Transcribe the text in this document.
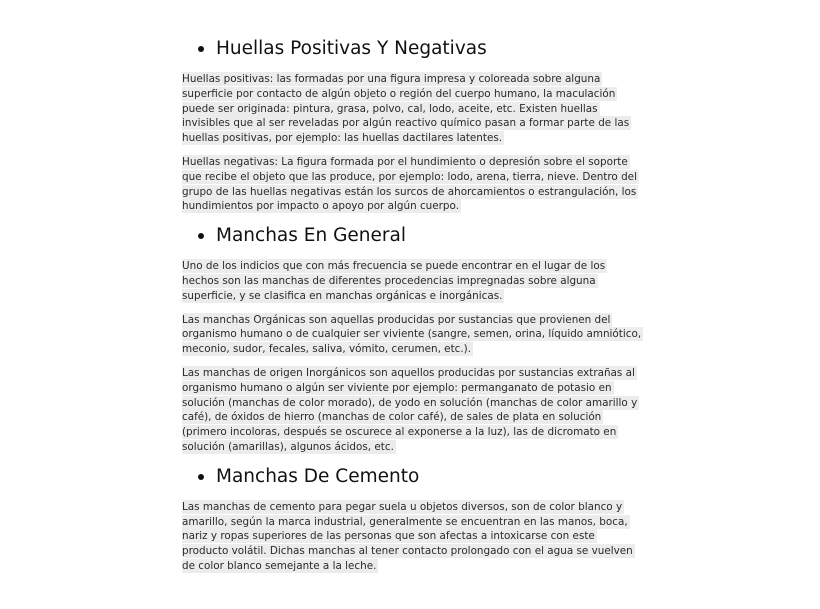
Huellas Positivas Y Negativas

Huellas positivas: las formadas por una figura impresa y coloreada sobre alguna superficie por contacto de algún objeto o región del cuerpo humano, la maculación puede ser originada: pintura, grasa, polvo, cal, lodo, aceite, etc. Existen huellas invisibles que al ser reveladas por algún reactivo químico pasan a formar parte de las huellas positivas, por ejemplo: las huellas dactilares latentes.

Huellas negativas: La figura formada por el hundimiento o depresión sobre el soporte que recibe el objeto que las produce, por ejemplo: lodo, arena, tierra, nieve. Dentro del grupo de las huellas negativas están los surcos de ahorcamientos o estrangulación, los hundimientos por impacto o apoyo por algún cuerpo.

Manchas En General

Uno de los indicios que con más frecuencia se puede encontrar en el lugar de los hechos son las manchas de diferentes procedencias impregnadas sobre alguna superficie, y se clasifica en manchas orgánicas e inorgánicas.

Las manchas Orgánicas son aquellas producidas por sustancias que provienen del organismo humano o de cualquier ser viviente (sangre, semen, orina, líquido amniótico, meconio, sudor, fecales, saliva, vómito, cerumen, etc.).

Las manchas de origen Inorgánicos son aquellos producidas por sustancias extrañas al organismo humano o algún ser viviente por ejemplo: permanganato de potasio en solución (manchas de color morado), de yodo en solución (manchas de color amarillo y café), de óxidos de hierro (manchas de color café), de sales de plata en solución (primero incoloras, después se oscurece al exponerse a la luz), las de dicromato en solución (amarillas), algunos ácidos, etc.

Manchas De Cemento

Las manchas de cemento para pegar suela u objetos diversos, son de color blanco y amarillo, según la marca industrial, generalmente se encuentran en las manos, boca, nariz y ropas superiores de las personas que son afectas a intoxicarse con este producto volátil. Dichas manchas al tener contacto prolongado con el agua se vuelven de color blanco semejante a la leche.
